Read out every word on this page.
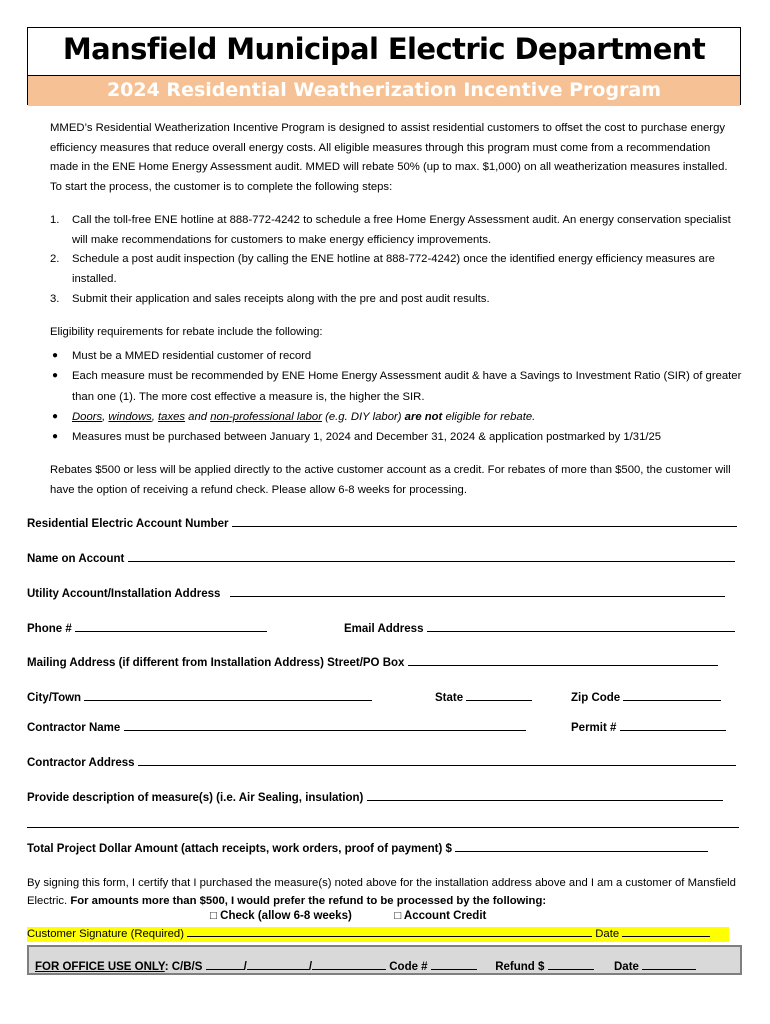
Mansfield Municipal Electric Department
2024 Residential Weatherization Incentive Program

MMED’s Residential Weatherization Incentive Program is designed to assist residential customers to offset the cost to purchase energy efficiency measures that reduce overall energy costs. All eligible measures through this program must come from a recommendation made in the ENE Home Energy Assessment audit. MMED will rebate 50% (up to max. $1,000) on all weatherization measures installed. To start the process, the customer is to complete the following steps:

1. Call the toll-free ENE hotline at 888-772-4242 to schedule a free Home Energy Assessment audit. An energy conservation specialist will make recommendations for customers to make energy efficiency improvements.
2. Schedule a post audit inspection (by calling the ENE hotline at 888-772-4242) once the identified energy efficiency measures are installed.
3. Submit their application and sales receipts along with the pre and post audit results.

Eligibility requirements for rebate include the following:

● Must be a MMED residential customer of record
● Each measure must be recommended by ENE Home Energy Assessment audit & have a Savings to Investment Ratio (SIR) of greater than one (1). The more cost effective a measure is, the higher the SIR.
● Doors, windows, taxes and non-professional labor (e.g. DIY labor) are not eligible for rebate.
● Measures must be purchased between January 1, 2024 and December 31, 2024 & application postmarked by 1/31/25

Rebates $500 or less will be applied directly to the active customer account as a credit. For rebates of more than $500, the customer will have the option of receiving a refund check. Please allow 6-8 weeks for processing.

Residential Electric Account Number
Name on Account
Utility Account/Installation Address
Phone #	Email Address
Mailing Address (if different from Installation Address) Street/PO Box
City/Town	State	Zip Code
Contractor Name	Permit #
Contractor Address
Provide description of measure(s) (i.e. Air Sealing, insulation)
Total Project Dollar Amount (attach receipts, work orders, proof of payment) $

By signing this form, I certify that I purchased the measure(s) noted above for the installation address above and I am a customer of Mansfield Electric. For amounts more than $500, I would prefer the refund to be processed by the following:

□ Check (allow 6-8 weeks)	□ Account Credit
Customer Signature (Required)	Date
FOR OFFICE USE ONLY: C/B/S	/	/	Code #	Refund $	Date
